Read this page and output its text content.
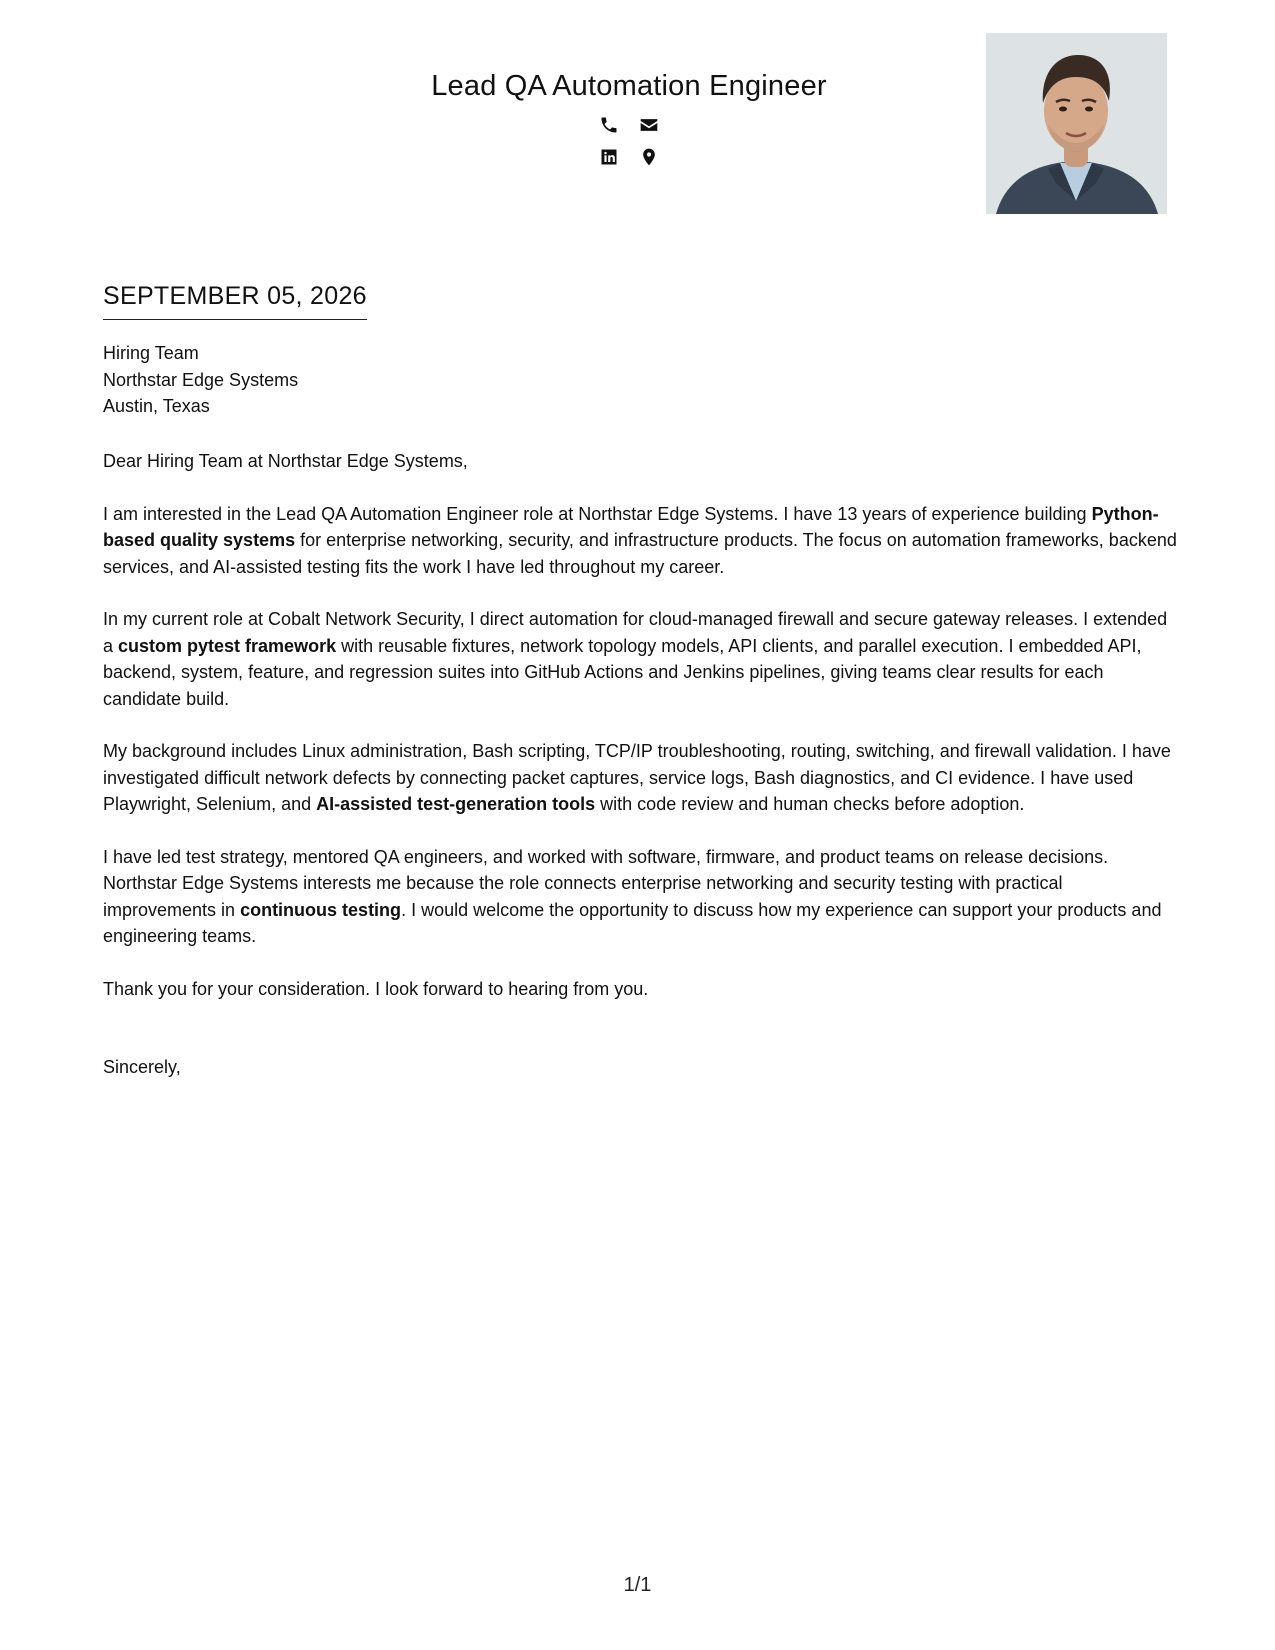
Lead QA Automation Engineer
SEPTEMBER 05, 2026
Hiring Team
Northstar Edge Systems
Austin, Texas

Dear Hiring Team at Northstar Edge Systems,

I am interested in the Lead QA Automation Engineer role at Northstar Edge Systems. I have 13 years of experience building Python-based quality systems for enterprise networking, security, and infrastructure products. The focus on automation frameworks, backend services, and AI-assisted testing fits the work I have led throughout my career.

In my current role at Cobalt Network Security, I direct automation for cloud-managed firewall and secure gateway releases. I extended a custom pytest framework with reusable fixtures, network topology models, API clients, and parallel execution. I embedded API, backend, system, feature, and regression suites into GitHub Actions and Jenkins pipelines, giving teams clear results for each candidate build.

My background includes Linux administration, Bash scripting, TCP/IP troubleshooting, routing, switching, and firewall validation. I have investigated difficult network defects by connecting packet captures, service logs, Bash diagnostics, and CI evidence. I have used Playwright, Selenium, and AI-assisted test-generation tools with code review and human checks before adoption.

I have led test strategy, mentored QA engineers, and worked with software, firmware, and product teams on release decisions. Northstar Edge Systems interests me because the role connects enterprise networking and security testing with practical improvements in continuous testing. I would welcome the opportunity to discuss how my experience can support your products and engineering teams.

Thank you for your consideration. I look forward to hearing from you.

Sincerely,
1/1
